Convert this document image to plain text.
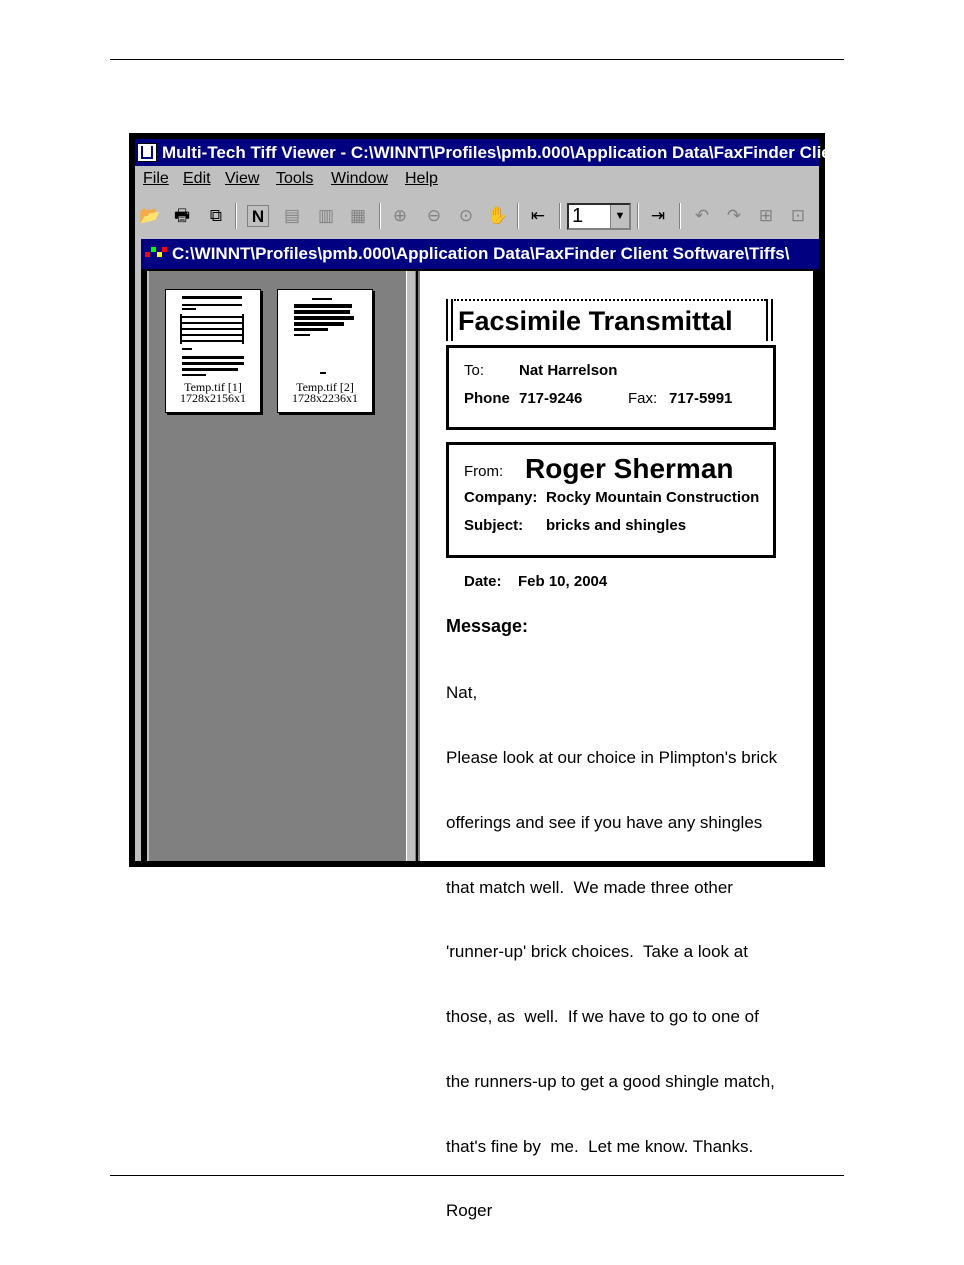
Multi-Tech Tiff Viewer - C:\WINNT\Profiles\pmb.000\Application Data\FaxFinder Client Software\Tiffs
File Edit View Tools Window Help
📂 🖶 ⧉ N ▤ ▥ ▦ ⊕ ⊖ ⊙ ✋ ⇤ 1	▼ ⇥ ↶ ↷ ⊞ ⊡
C:\WINNT\Profiles\pmb.000\Application Data\FaxFinder Client Software\Tiffs\
Temp.tif [1]
1728x2156x1
Temp.tif [2]
1728x2236x1
Facsimile Transmittal
To: Nat Harrelson
Phone 717-9246	Fax: 717-5991
From: Roger Sherman
Company: Rocky Mountain Construction
Subject: bricks and shingles
Date: Feb 10, 2004
Message:

Nat,

Please look at our choice in Plimpton's brick

offerings and see if you have any shingles

that match well.  We made three other

'runner-up' brick choices.  Take a look at

those, as  well.  If we have to go to one of

the runners-up to get a good shingle match,

that's fine by  me.  Let me know. Thanks.

Roger
